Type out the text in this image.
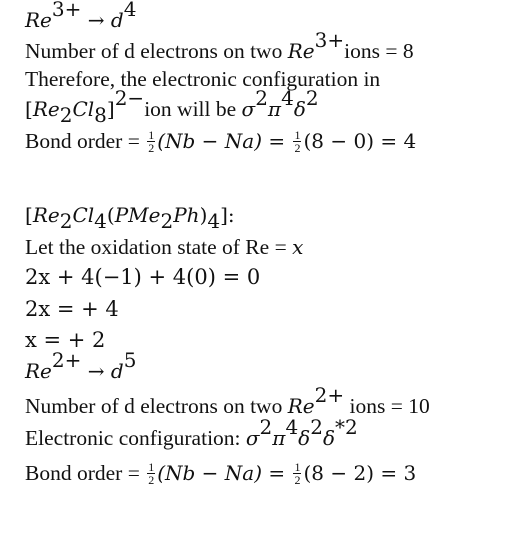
$Re^{3+} \to d^4$
Number of d electrons on two $Re^{3+}ions = 8$
Therefore, the electronic configuration in
$[Re_2Cl_8]^{2-}ion$ will be $\sigma^2\pi^4\delta^2$
Bond order = $\frac{1}{2} (Nb - Na) = \frac{1}{2} (8 - 0) = 4$
$[Re_2Cl_4(PMe_2Ph)_4]$:
Let the oxidation state of Re = x
2x + 4(−1) + 4(0) = 0
2x = + 4
x = + 2
$Re^{2+} \to d^5$
Number of d electrons on two $Re^{2+}$ ions = 10
Electronic configuration: $\sigma^2\pi^4\delta^2\delta^{*2}$
Bond order = $\frac{1}{2} (Nb - Na) = \frac{1}{2} (8 - 2) = 3$
